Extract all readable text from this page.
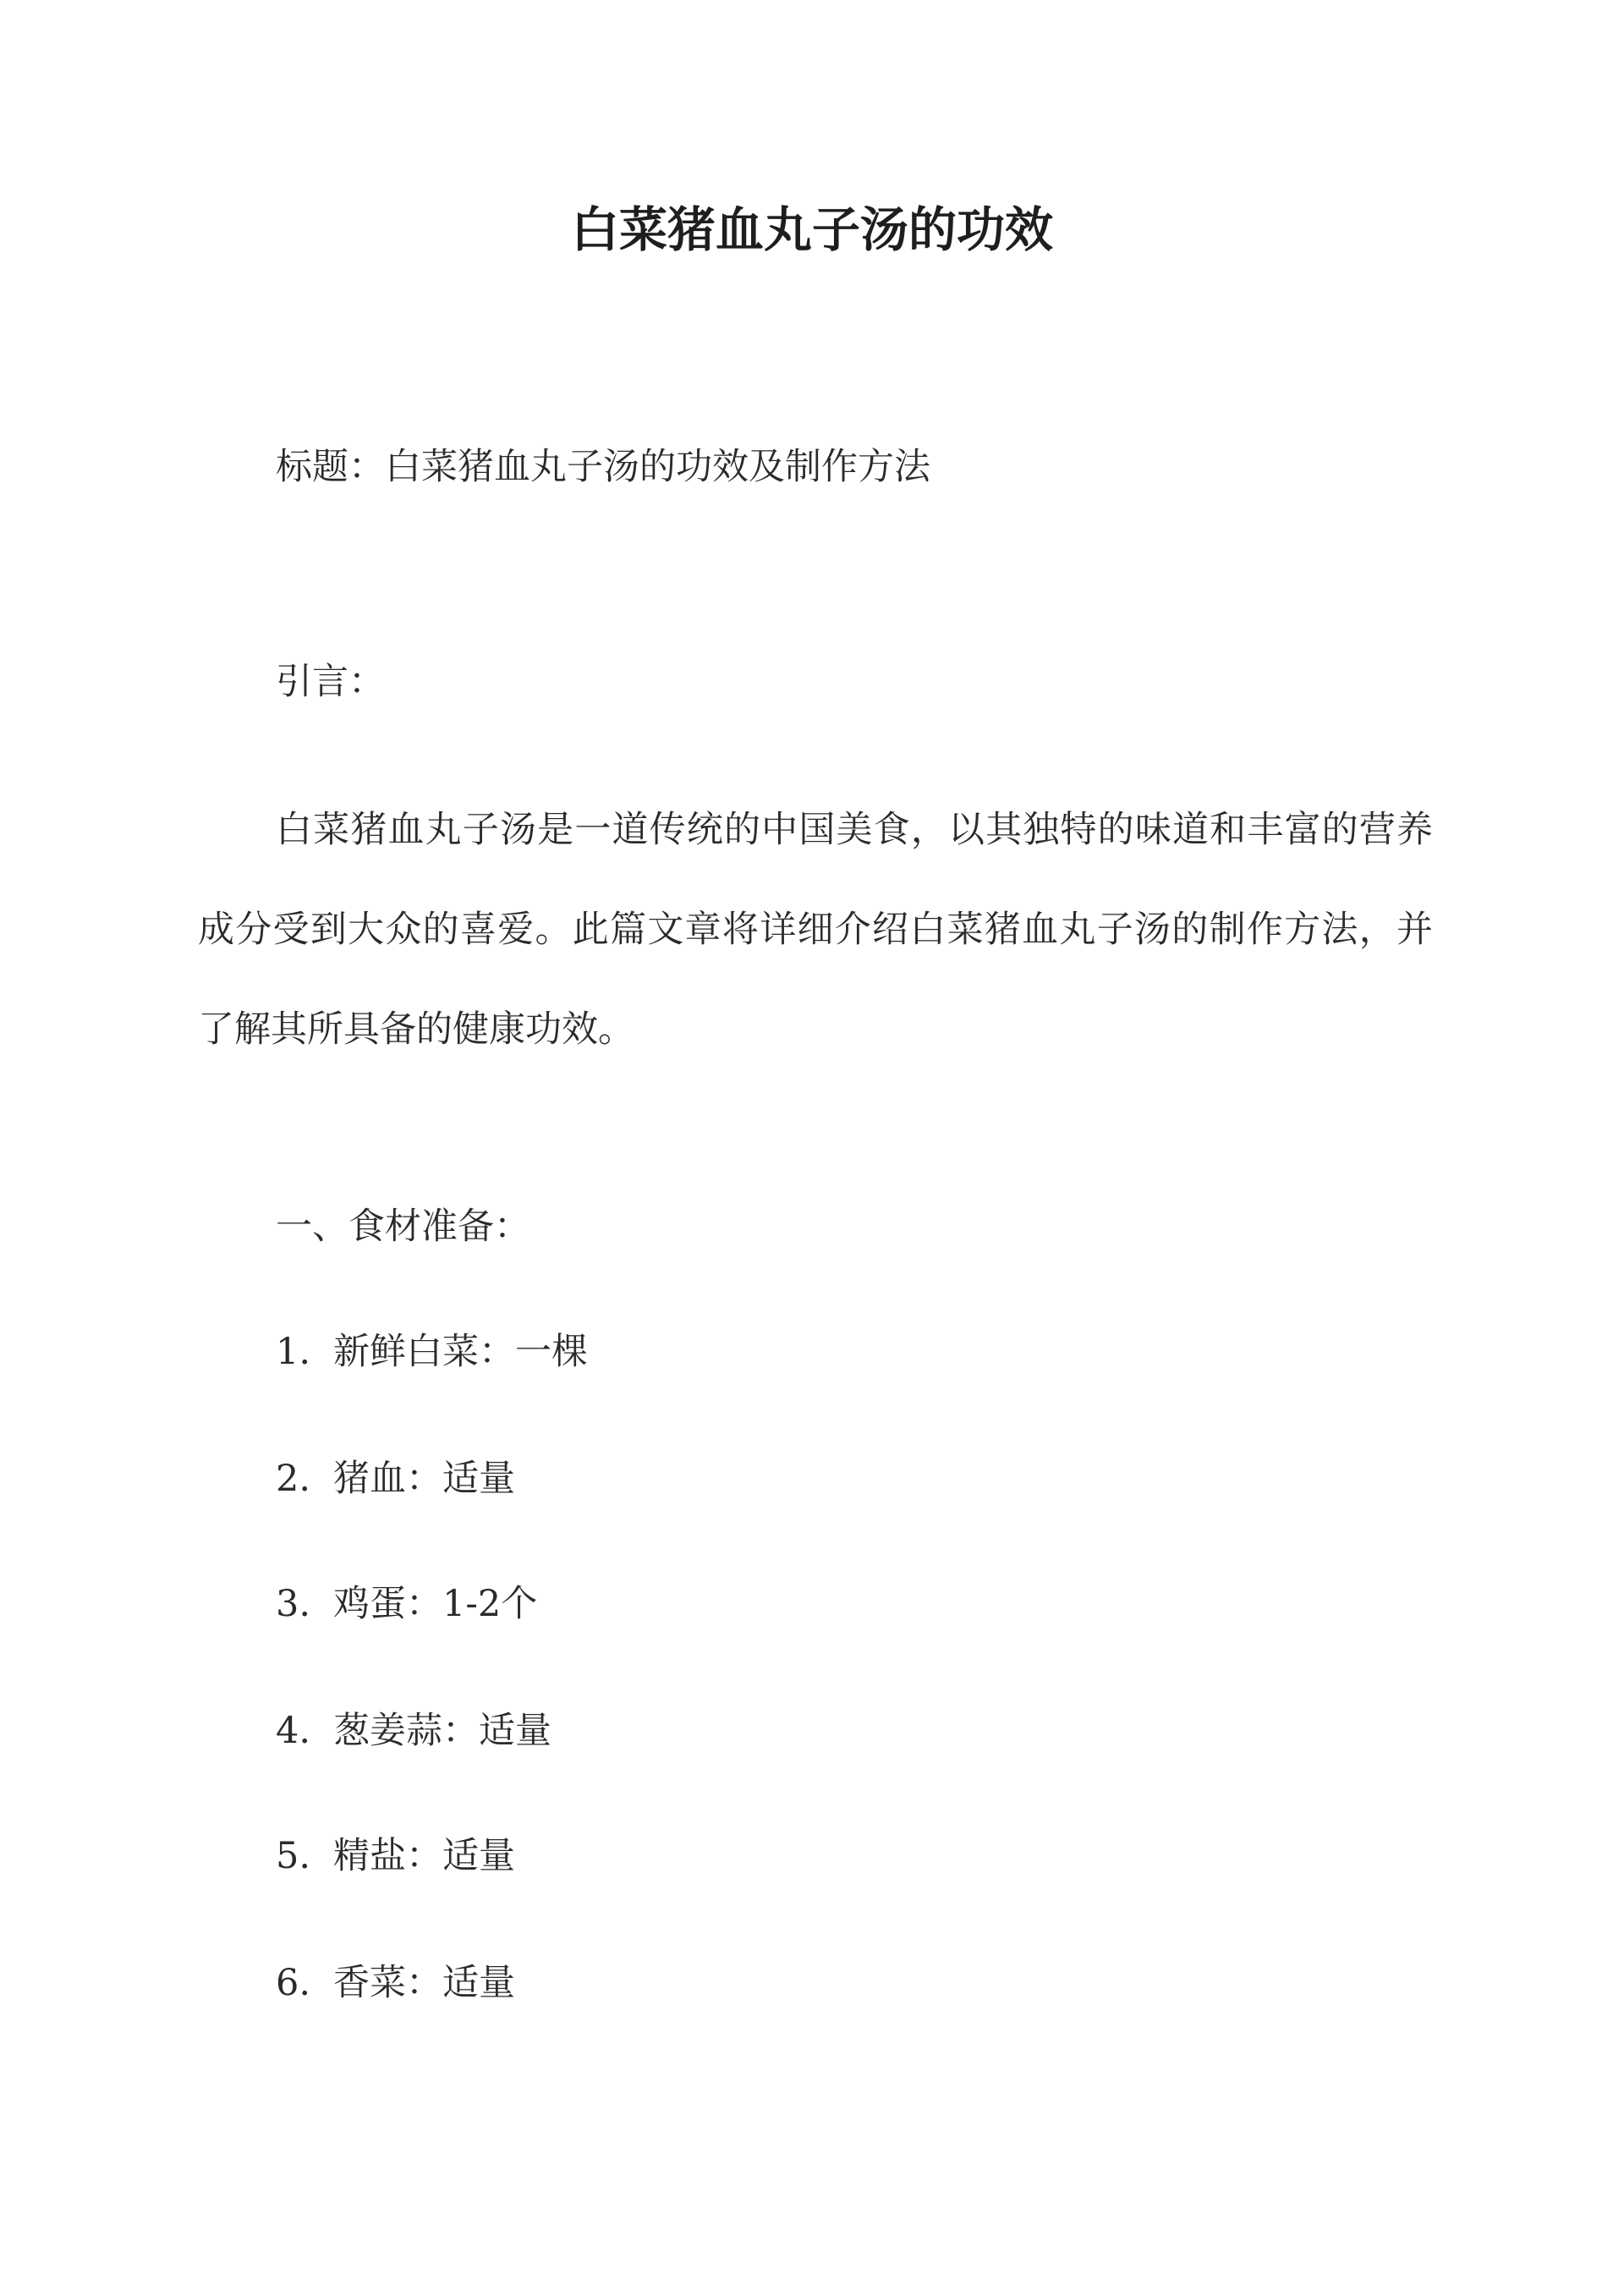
白菜猪血丸子汤的功效
标题：白菜猪血丸子汤的功效及制作方法
引言：
白菜猪血丸子汤是一道传统的中国美食，以其独特的味道和丰富的营养成分受到大众的喜爱。此篇文章将详细介绍白菜猪血丸子汤的制作方法，并了解其所具备的健康功效。
一、食材准备：
1. 新鲜白菜：一棵
2. 猪血：适量
3. 鸡蛋：1-2个
4. 葱姜蒜：适量
5. 精盐：适量
6. 香菜：适量
